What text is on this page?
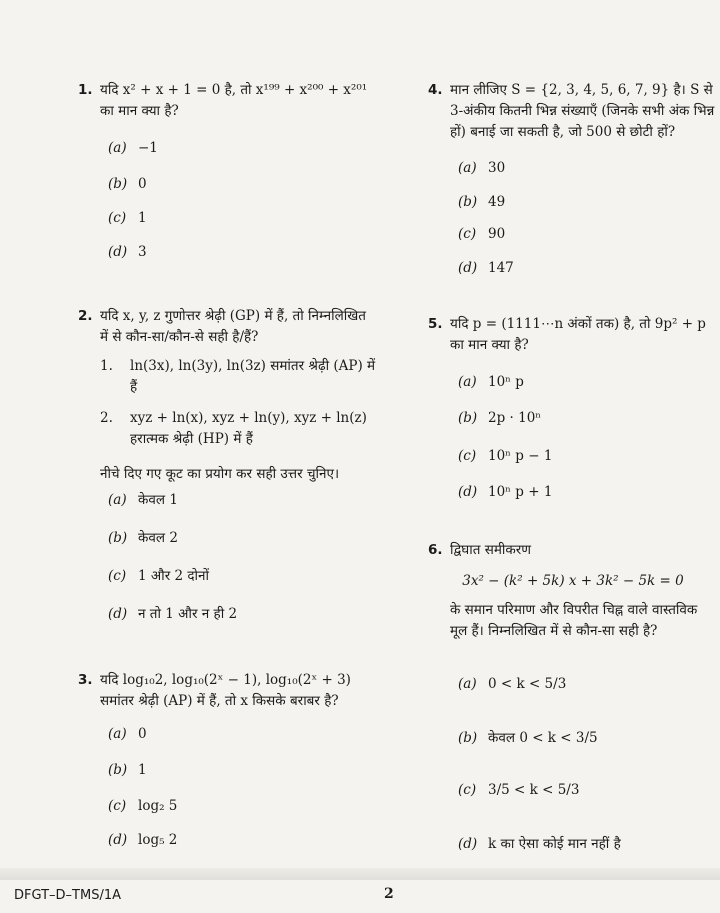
1. यदि x² + x + 1 = 0 है, तो x¹⁹⁹ + x²⁰⁰ + x²⁰¹ का मान क्या है?
(a) −1
(b) 0
(c) 1
(d) 3
2. यदि x, y, z गुणोत्तर श्रेढ़ी (GP) में हैं, तो निम्नलिखित में से कौन-सा/कौन-से सही है/हैं?
1.	ln(3x), ln(3y), ln(3z) समांतर श्रेढ़ी (AP) में हैं
2.	xyz + ln(x), xyz + ln(y), xyz + ln(z) हरात्मक श्रेढ़ी (HP) में हैं
नीचे दिए गए कूट का प्रयोग कर सही उत्तर चुनिए।
(a) केवल 1
(b) केवल 2
(c) 1 और 2 दोनों
(d) न तो 1 और न ही 2
3. यदि log₁₀2, log₁₀(2ˣ − 1), log₁₀(2ˣ + 3) समांतर श्रेढ़ी (AP) में हैं, तो x किसके बराबर है?
(a) 0
(b) 1
(c) log₂ 5
(d) log₅ 2
4. मान लीजिए S = {2, 3, 4, 5, 6, 7, 9} है। S से 3-अंकीय कितनी भिन्न संख्याएँ (जिनके सभी अंक भिन्न हों) बनाई जा सकती है, जो 500 से छोटी हों?
(a) 30
(b) 49
(c) 90
(d) 147
5. यदि p = (1111⋯n अंकों तक) है, तो 9p² + p का मान क्या है?
(a) 10ⁿ p
(b) 2p · 10ⁿ
(c) 10ⁿ p − 1
(d) 10ⁿ p + 1
6. द्विघात समीकरण
3x² − (k² + 5k) x + 3k² − 5k = 0
के समान परिमाण और विपरीत चिह्न वाले वास्तविक मूल हैं। निम्नलिखित में से कौन-सा सही है?
(a) 0 < k < 5/3
(b) केवल 0 < k < 3/5
(c) 3/5 < k < 5/3
(d) k का ऐसा कोई मान नहीं है
DFGT–D–TMS/1A	2
